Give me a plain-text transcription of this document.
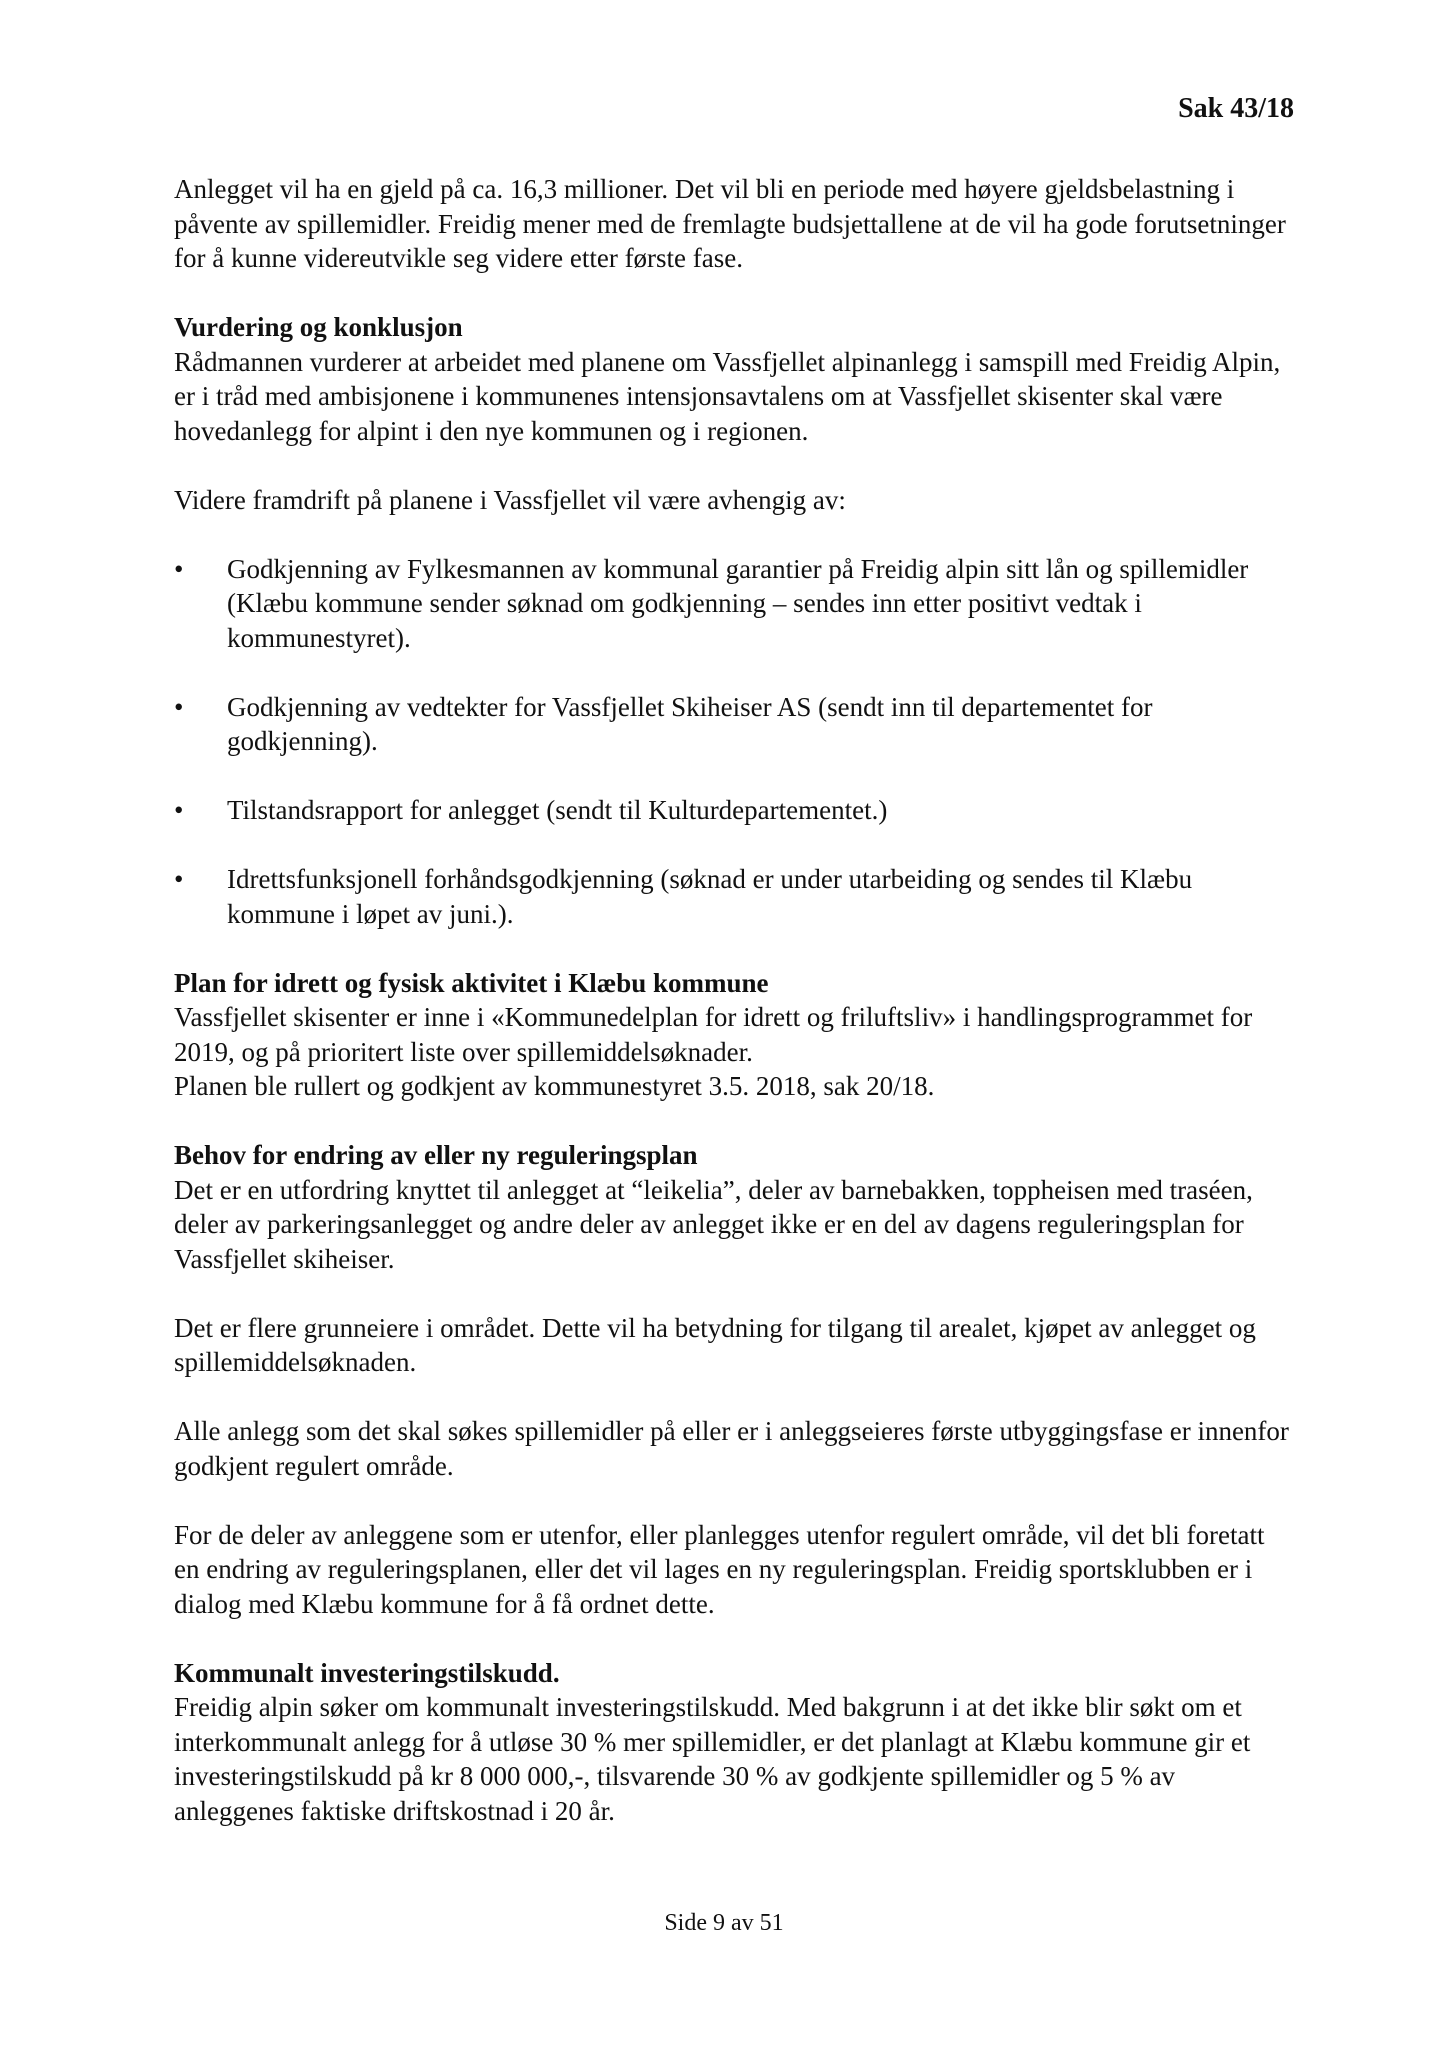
Sak 43/18

Anlegget vil ha en gjeld på ca. 16,3 millioner. Det vil bli en periode med høyere gjeldsbelastning i påvente av spillemidler. Freidig mener med de fremlagte budsjettallene at de vil ha gode forutsetninger for å kunne videreutvikle seg videre etter første fase.

Vurdering og konklusjon

Rådmannen vurderer at arbeidet med planene om Vassfjellet alpinanlegg i samspill med Freidig Alpin, er i tråd med ambisjonene i kommunenes intensjonsavtalens om at Vassfjellet skisenter skal være hovedanlegg for alpint i den nye kommunen og i regionen.

Videre framdrift på planene i Vassfjellet vil være avhengig av:

•	Godkjenning av Fylkesmannen av kommunal garantier på Freidig alpin sitt lån og spillemidler (Klæbu kommune sender søknad om godkjenning – sendes inn etter positivt vedtak i kommunestyret).
•	Godkjenning av vedtekter for Vassfjellet Skiheiser AS (sendt inn til departementet for godkjenning).
•	Tilstandsrapport for anlegget (sendt til Kulturdepartementet.)
•	Idrettsfunksjonell forhåndsgodkjenning (søknad er under utarbeiding og sendes til Klæbu kommune i løpet av juni.).

Plan for idrett og fysisk aktivitet i Klæbu kommune

Vassfjellet skisenter er inne i «Kommunedelplan for idrett og friluftsliv» i handlingsprogrammet for 2019, og på prioritert liste over spillemiddelsøknader.

Planen ble rullert og godkjent av kommunestyret 3.5. 2018, sak 20/18.

Behov for endring av eller ny reguleringsplan

Det er en utfordring knyttet til anlegget at “leikelia”, deler av barnebakken, toppheisen med traséen, deler av parkeringsanlegget og andre deler av anlegget ikke er en del av dagens reguleringsplan for Vassfjellet skiheiser.

Det er flere grunneiere i området. Dette vil ha betydning for tilgang til arealet, kjøpet av anlegget og spillemiddelsøknaden.

Alle anlegg som det skal søkes spillemidler på eller er i anleggseieres første utbyggingsfase er innenfor godkjent regulert område.

For de deler av anleggene som er utenfor, eller planlegges utenfor regulert område, vil det bli foretatt en endring av reguleringsplanen, eller det vil lages en ny reguleringsplan. Freidig sportsklubben er i dialog med Klæbu kommune for å få ordnet dette.

Kommunalt investeringstilskudd.

Freidig alpin søker om kommunalt investeringstilskudd. Med bakgrunn i at det ikke blir søkt om et interkommunalt anlegg for å utløse 30 % mer spillemidler, er det planlagt at Klæbu kommune gir et investeringstilskudd på kr 8 000 000,-, tilsvarende 30 % av godkjente spillemidler og 5 % av anleggenes faktiske driftskostnad i 20 år.

Side 9 av 51
